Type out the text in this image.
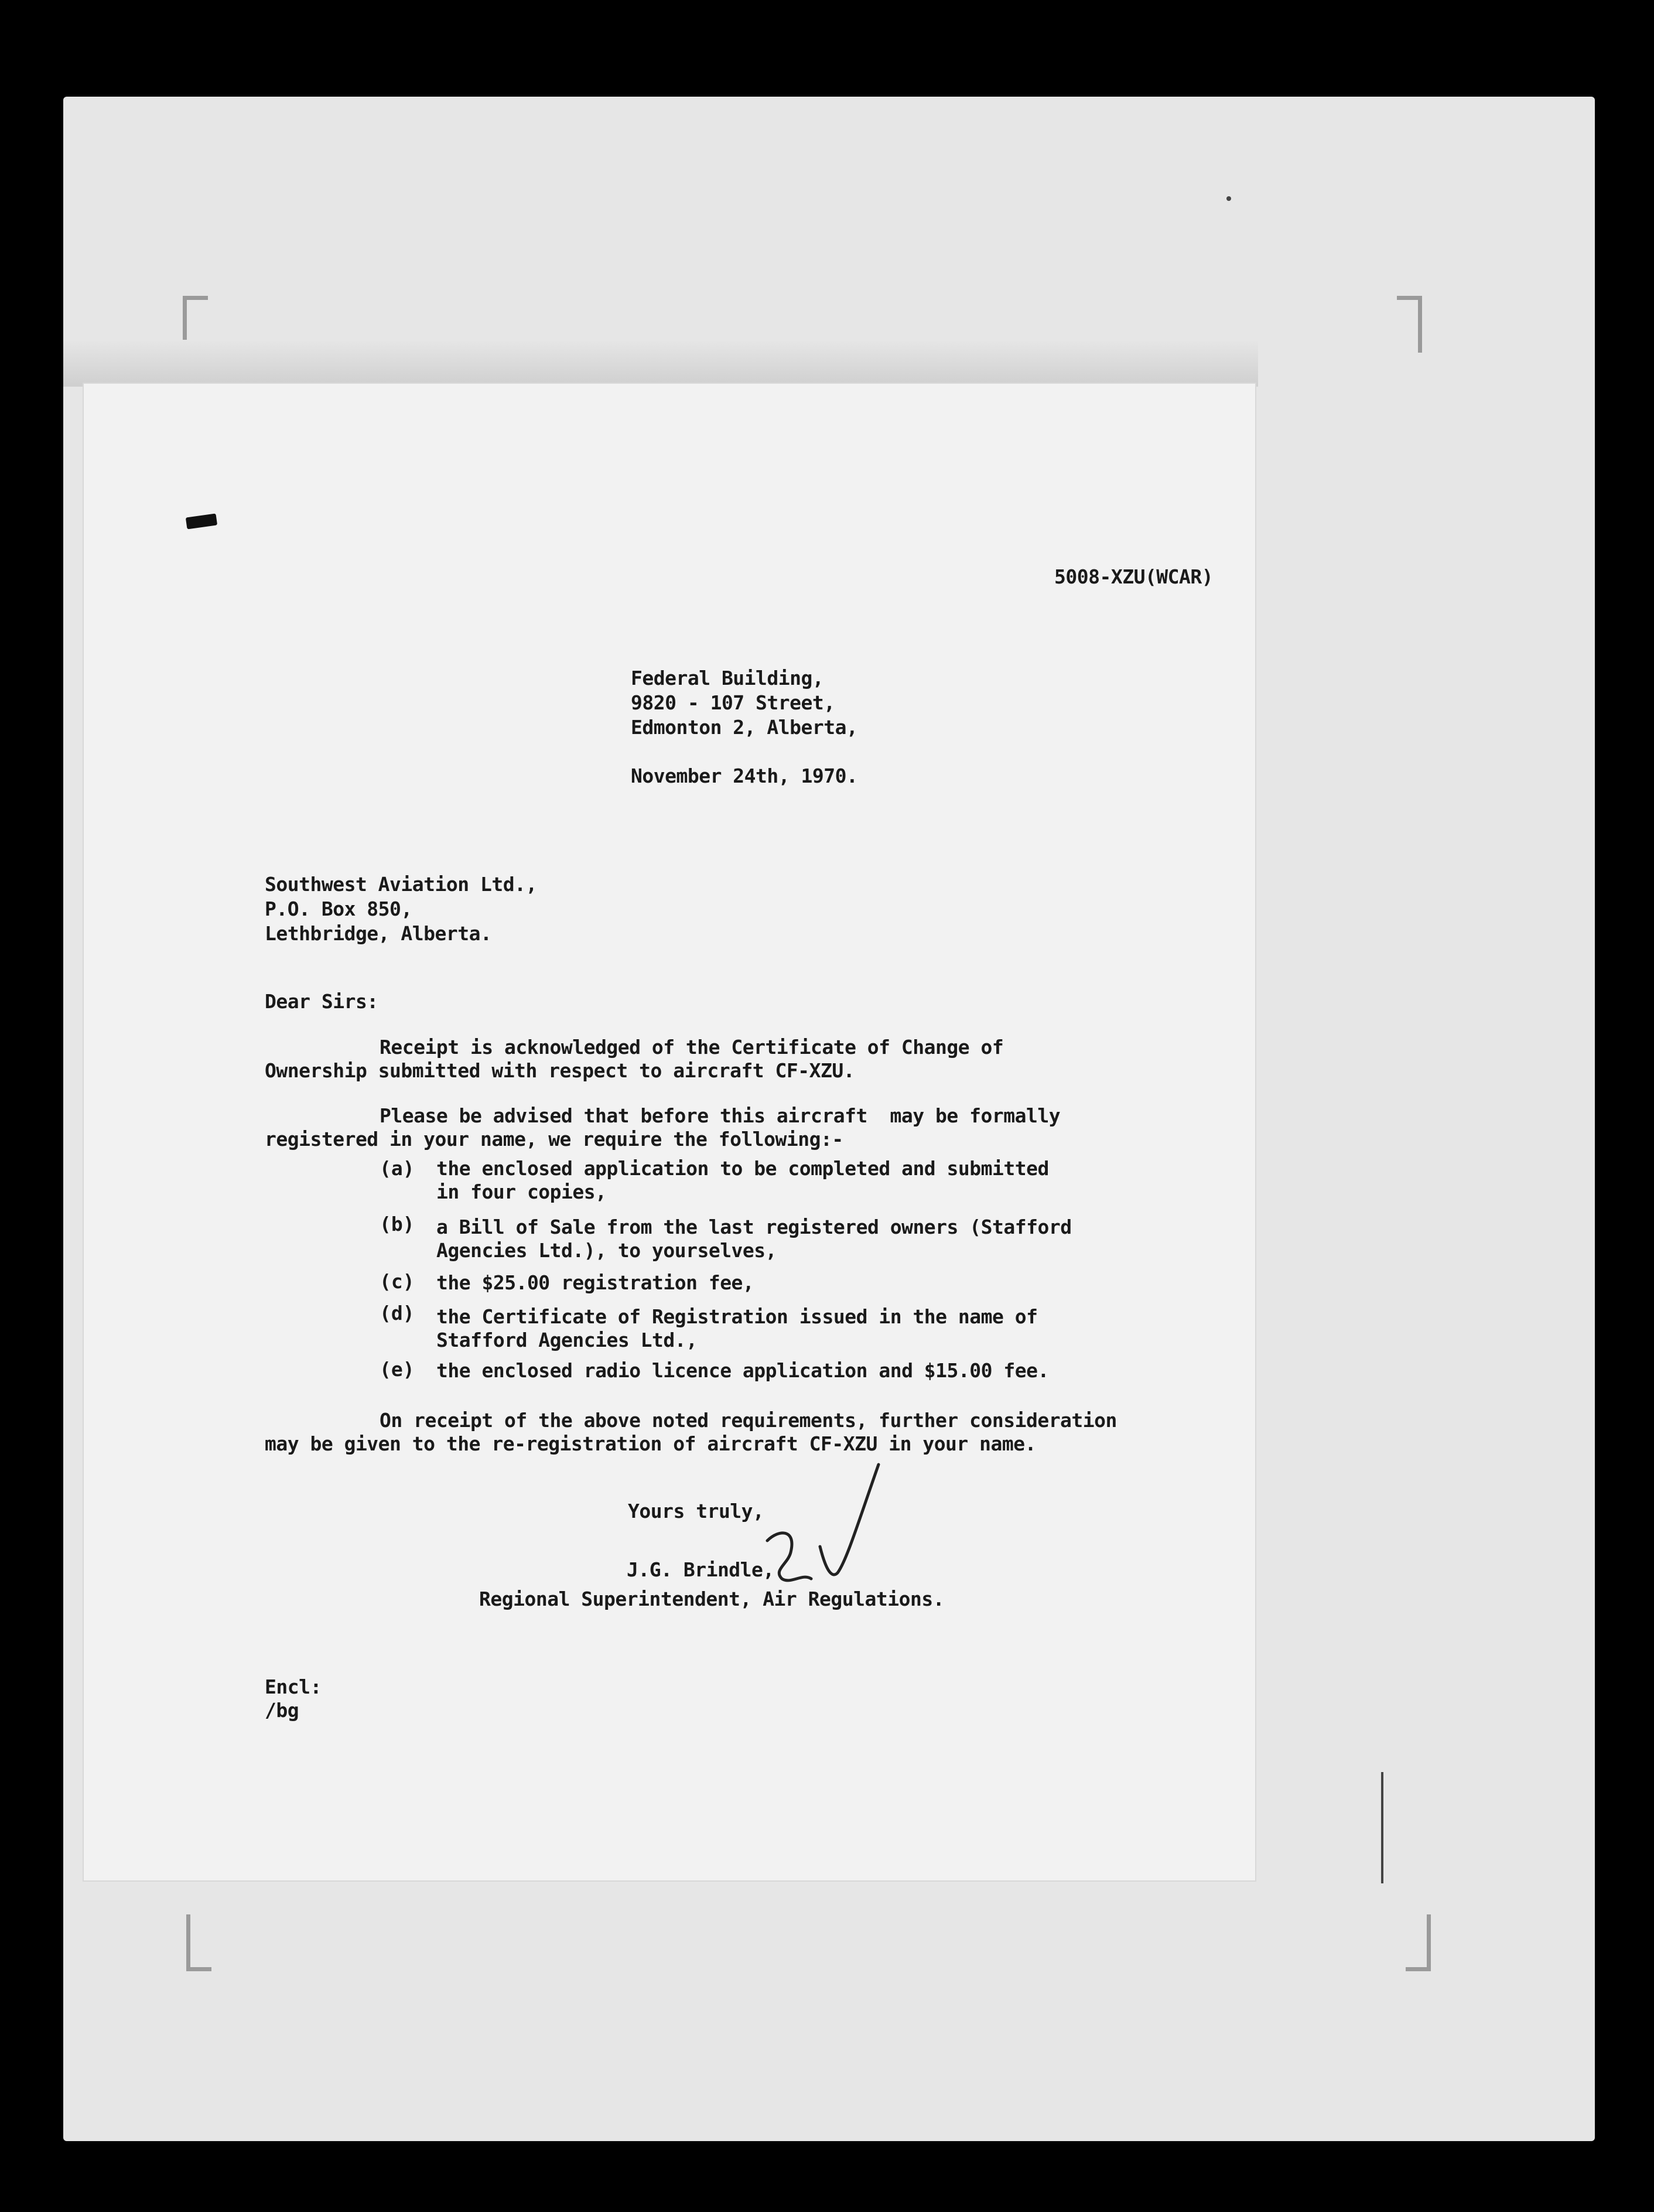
5008-XZU(WCAR)
Federal Building,
9820 - 107 Street,
Edmonton 2, Alberta,
November 24th, 1970.
Southwest Aviation Ltd.,
P.O. Box 850,
Lethbridge, Alberta.
Dear Sirs:
Receipt is acknowledged of the Certificate of Change of
Ownership submitted with respect to aircraft CF-XZU.
Please be advised that before this aircraft  may be formally
registered in your name, we require the following:-
(a) the enclosed application to be completed and submitted
in four copies,
(b) a Bill of Sale from the last registered owners (Stafford
Agencies Ltd.), to yourselves,
(c) the $25.00 registration fee,
(d) the Certificate of Registration issued in the name of
Stafford Agencies Ltd.,
(e) the enclosed radio licence application and $15.00 fee.
On receipt of the above noted requirements, further consideration
may be given to the re-registration of aircraft CF-XZU in your name.
Yours truly,
J.G. Brindle,
Regional Superintendent, Air Regulations.
Encl:
/bg
